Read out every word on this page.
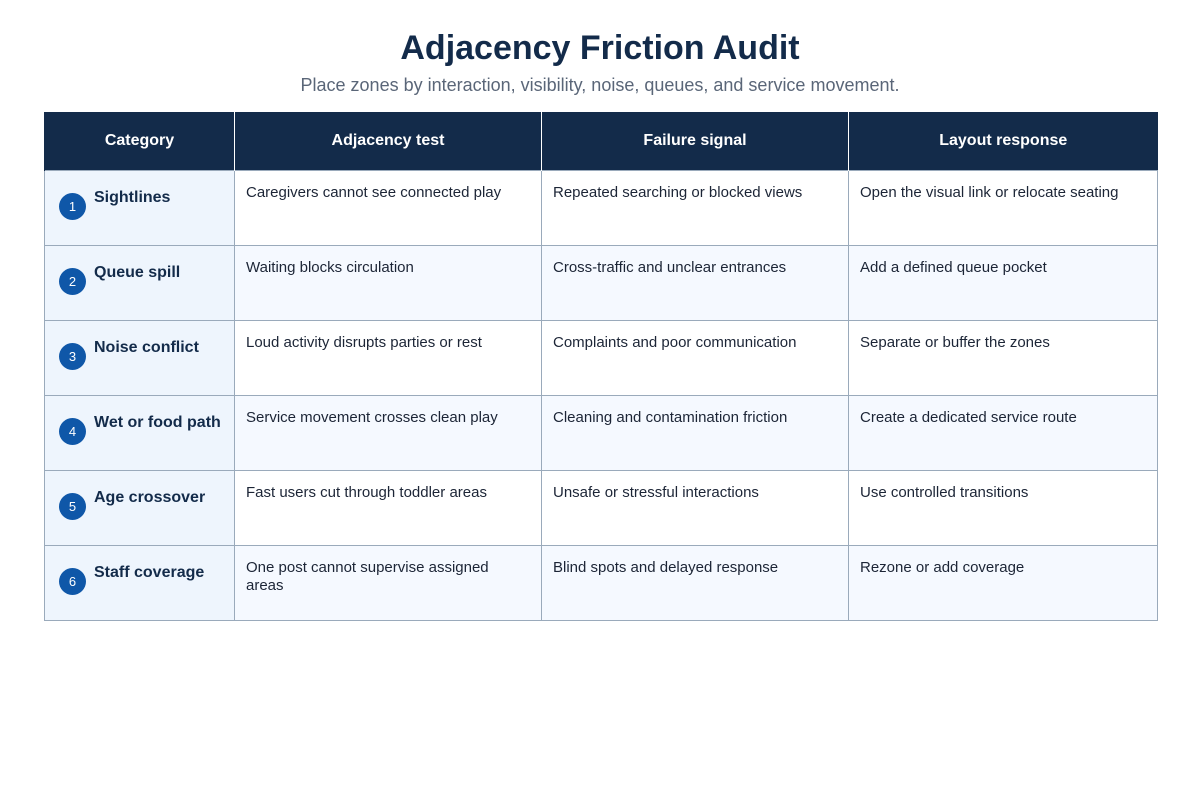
Adjacency Friction Audit
Place zones by interaction, visibility, noise, queues, and service movement.
Category	Adjacency test	Failure signal	Layout response

1
Sightlines	Caregivers cannot see connected play	Repeated searching or blocked views	Open the visual link or relocate seating

2
Queue spill	Waiting blocks circulation	Cross-traffic and unclear entrances	Add a defined queue pocket

3
Noise conflict	Loud activity disrupts parties or rest	Complaints and poor communication	Separate or buffer the zones

4
Wet or food path	Service movement crosses clean play	Cleaning and contamination friction	Create a dedicated service route

5
Age crossover	Fast users cut through toddler areas	Unsafe or stressful interactions	Use controlled transitions

6
Staff coverage	One post cannot supervise assigned areas	Blind spots and delayed response	Rezone or add coverage
